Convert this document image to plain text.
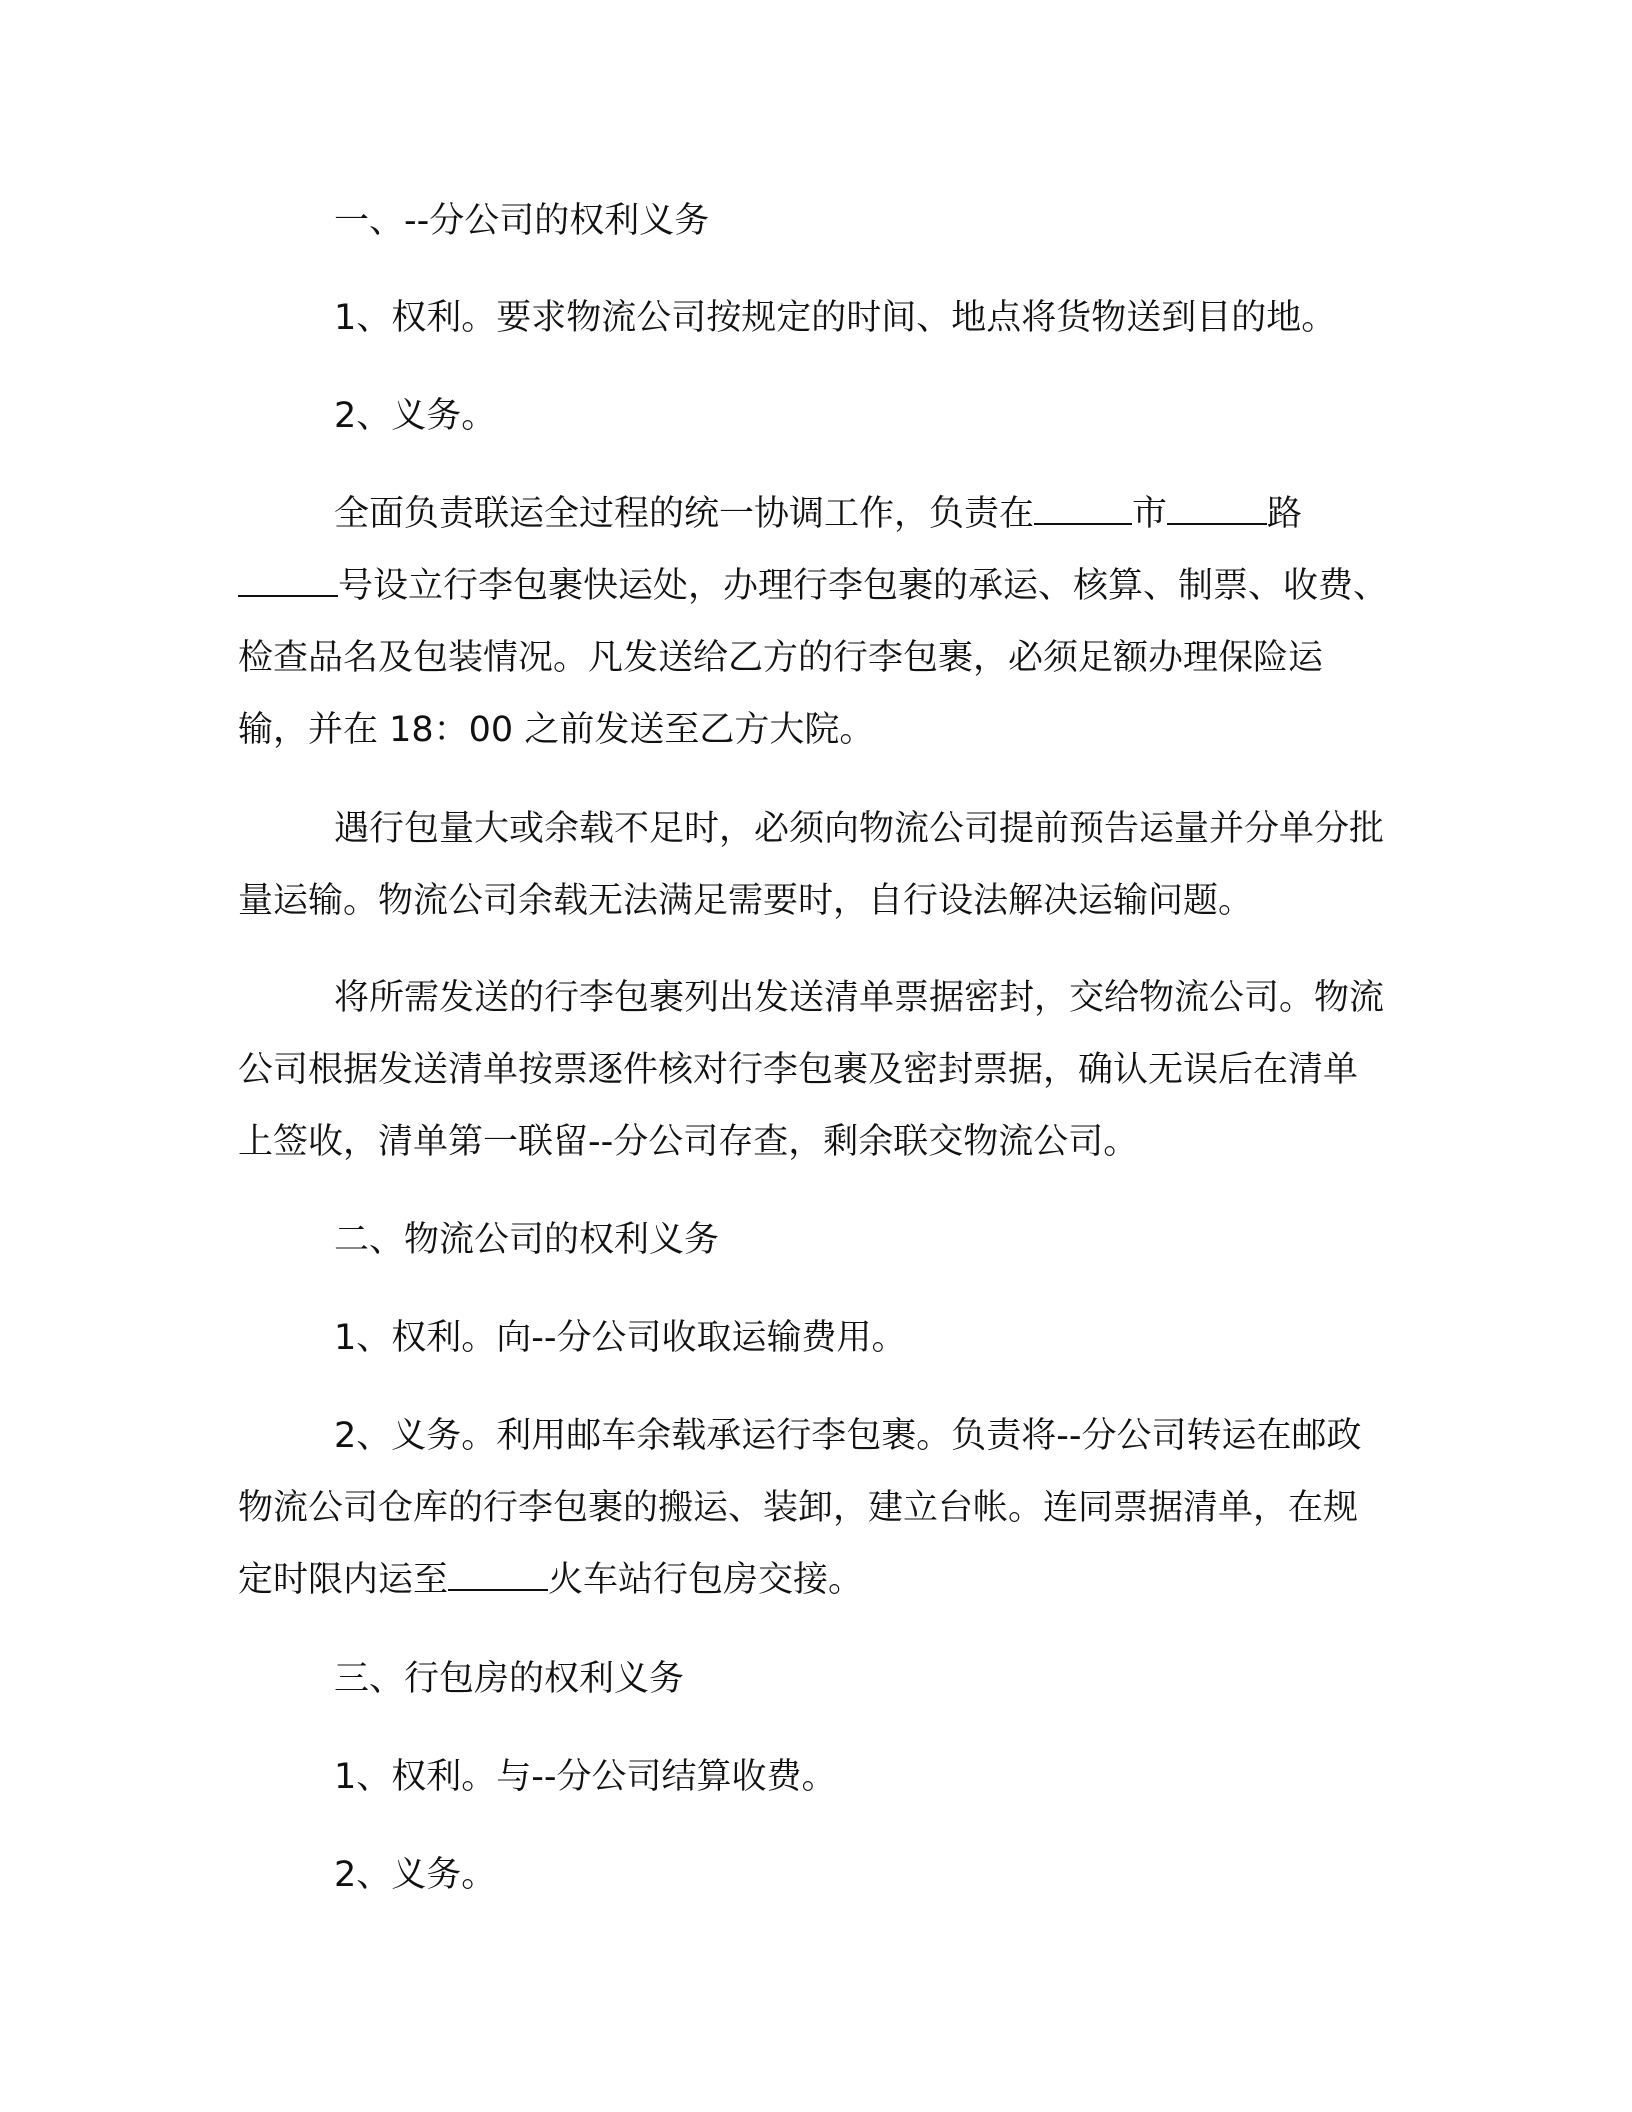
一、--分公司的权利义务

1、权利。要求物流公司按规定的时间、地点将货物送到目的地。

2、义务。

全面负责联运全过程的统一协调工作，负责在	市	路号设立行李包裹快运处，办理行李包裹的承运、核算、制票、收费、检查品名及包装情况。凡发送给乙方的行李包裹，必须足额办理保险运输，并在 18：00 之前发送至乙方大院。

遇行包量大或余载不足时，必须向物流公司提前预告运量并分单分批量运输。物流公司余载无法满足需要时，自行设法解决运输问题。

将所需发送的行李包裹列出发送清单票据密封，交给物流公司。物流公司根据发送清单按票逐件核对行李包裹及密封票据，确认无误后在清单上签收，清单第一联留--分公司存查，剩余联交物流公司。

二、物流公司的权利义务

1、权利。向--分公司收取运输费用。

2、义务。利用邮车余载承运行李包裹。负责将--分公司转运在邮政物流公司仓库的行李包裹的搬运、装卸，建立台帐。连同票据清单，在规定时限内运至	火车站行包房交接。

三、行包房的权利义务

1、权利。与--分公司结算收费。

2、义务。
